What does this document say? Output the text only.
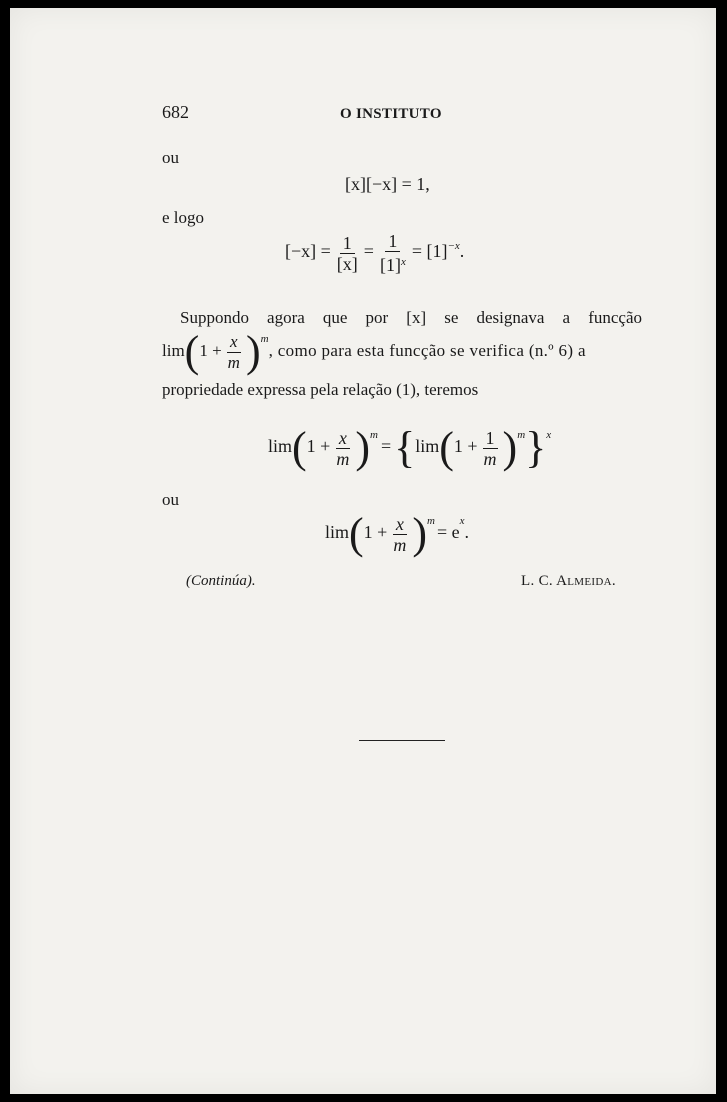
682	O INSTITUTO
ou
[x][−x] = 1,
e logo
$[-x] = \frac{1}{[x]} = \frac{1}{[1]^x} = [1]^{-x}$.
Suppondo agora que por [x] se designava a funcção
$\lim(1 + \frac{x}{m} )^m$, como para esta funcção se verifica (n.º 6) a
propriedade expressa pela relação (1), teremos
$\lim(1 + \frac{x}{m} )^m=\{\lim(1 + \frac{1}{m} )^m\}^x$
ou
$\lim(1 + \frac{x}{m} )^m= e^x$.
(Continúa).	L. C. Almeida.
